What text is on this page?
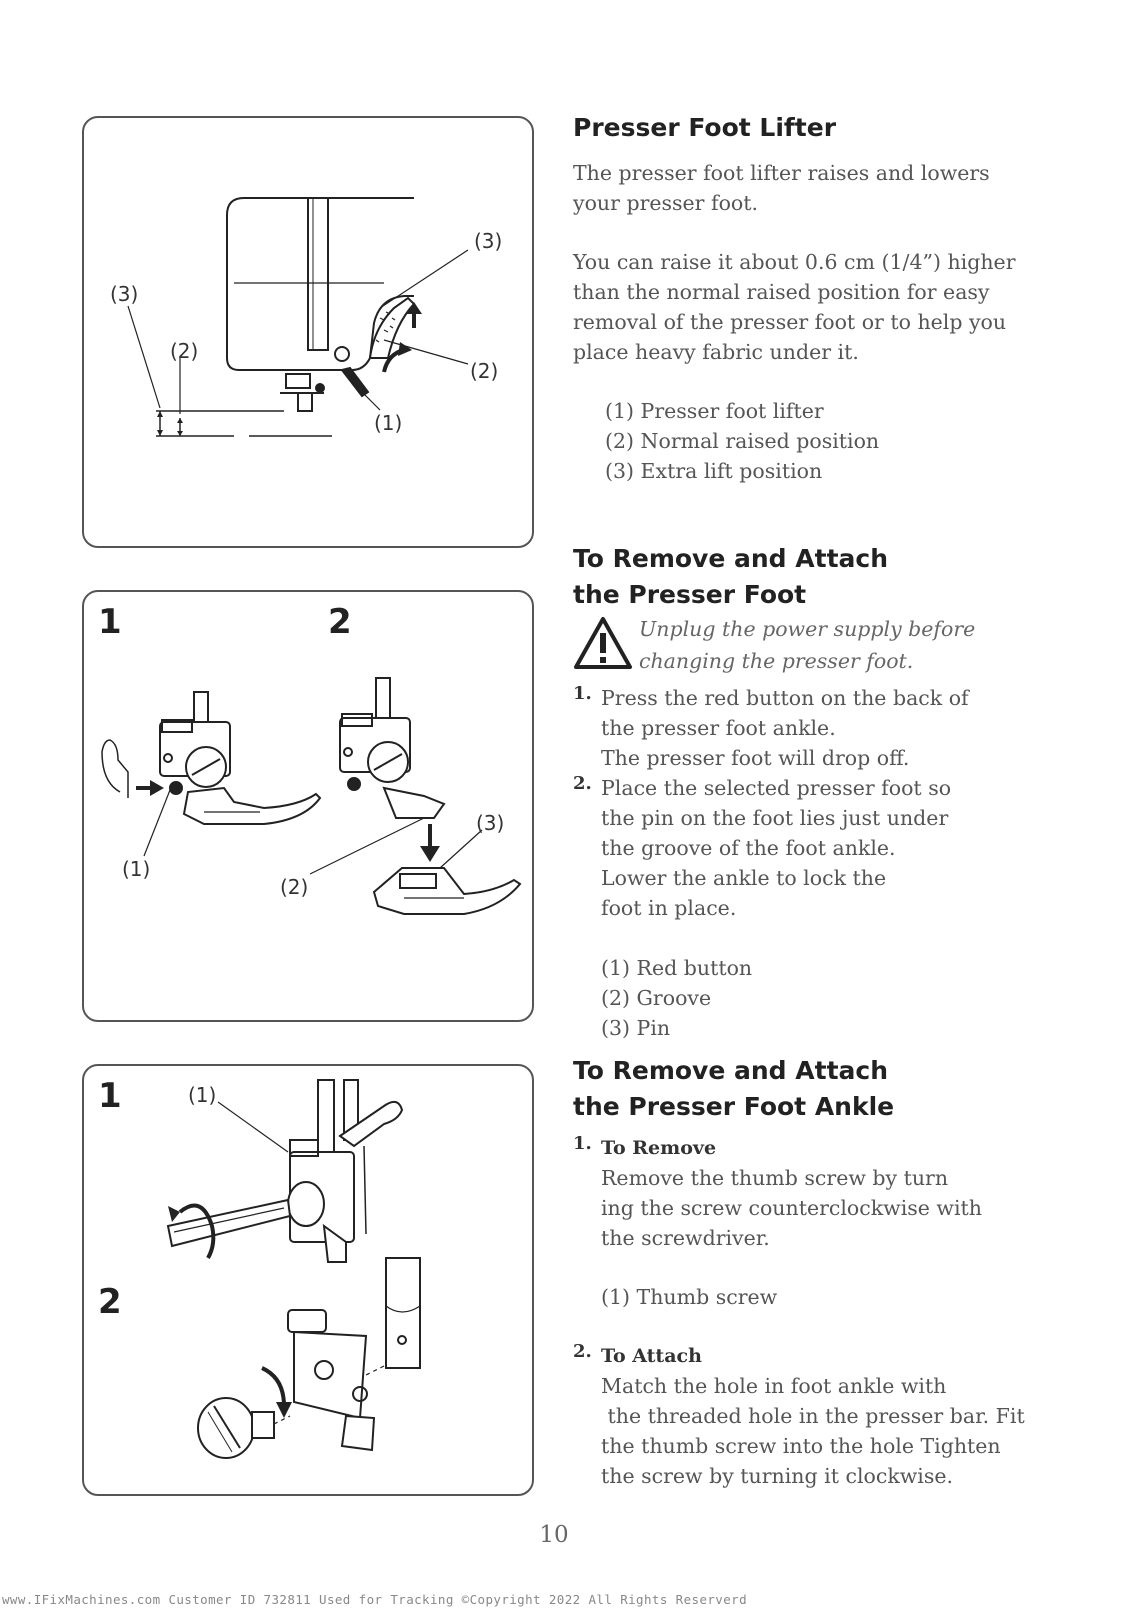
(3)
(3)
(2)
(2)
(1)
1	2
(1)
(2)
(3)
1
2
(1)
Presser Foot Lifter

The presser foot lifter raises and lowers

your presser foot.

You can raise it about 0.6 cm (1/4”) higher

than the normal raised position for easy

removal of the presser foot or to help you

place heavy fabric under it.

(1) Presser foot lifter

(2) Normal raised position

(3) Extra lift position

To Remove and Attach
the Presser Foot
Unplug the power supply before
changing the presser foot.
1. Press the red button on the back of

the presser foot ankle.

The presser foot will drop off.

2. Place the selected presser foot so

the pin on the foot lies just under

the groove of the foot ankle.

Lower the ankle to lock the

foot in place.

(1) Red button

(2) Groove

(3) Pin

To Remove and Attach
the Presser Foot Ankle
1. To Remove

Remove the thumb screw by turn

ing the screw counterclockwise with

the screwdriver.

(1) Thumb screw

2. To Attach

Match the hole in foot ankle with

the threaded hole in the presser bar. Fit

the thumb screw into the hole Tighten

the screw by turning it clockwise.

10
www.IFixMachines.com Customer ID 732811 Used for Tracking ©Copyright 2022 All Rights Reserverd
